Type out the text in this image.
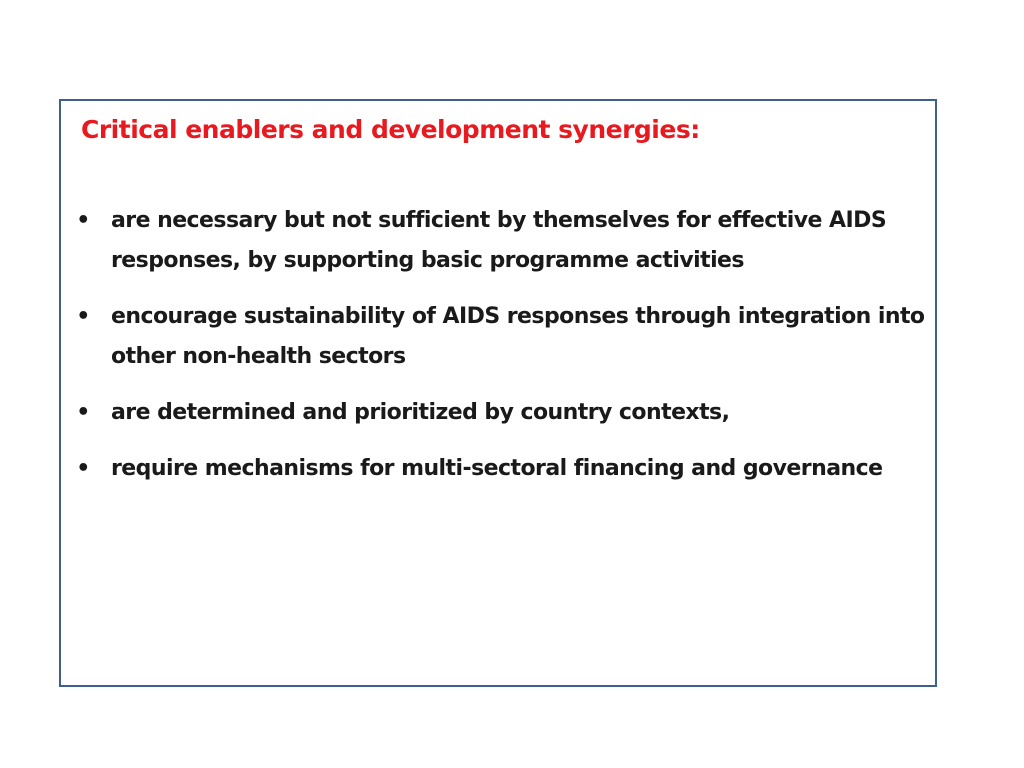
Critical enablers and development synergies:
• are necessary but not sufficient by themselves for effective AIDS responses, by supporting basic programme activities
• encourage sustainability of AIDS responses through integration into other non-health sectors
• are determined and prioritized by country contexts,
• require mechanisms for multi-sectoral financing and governance
